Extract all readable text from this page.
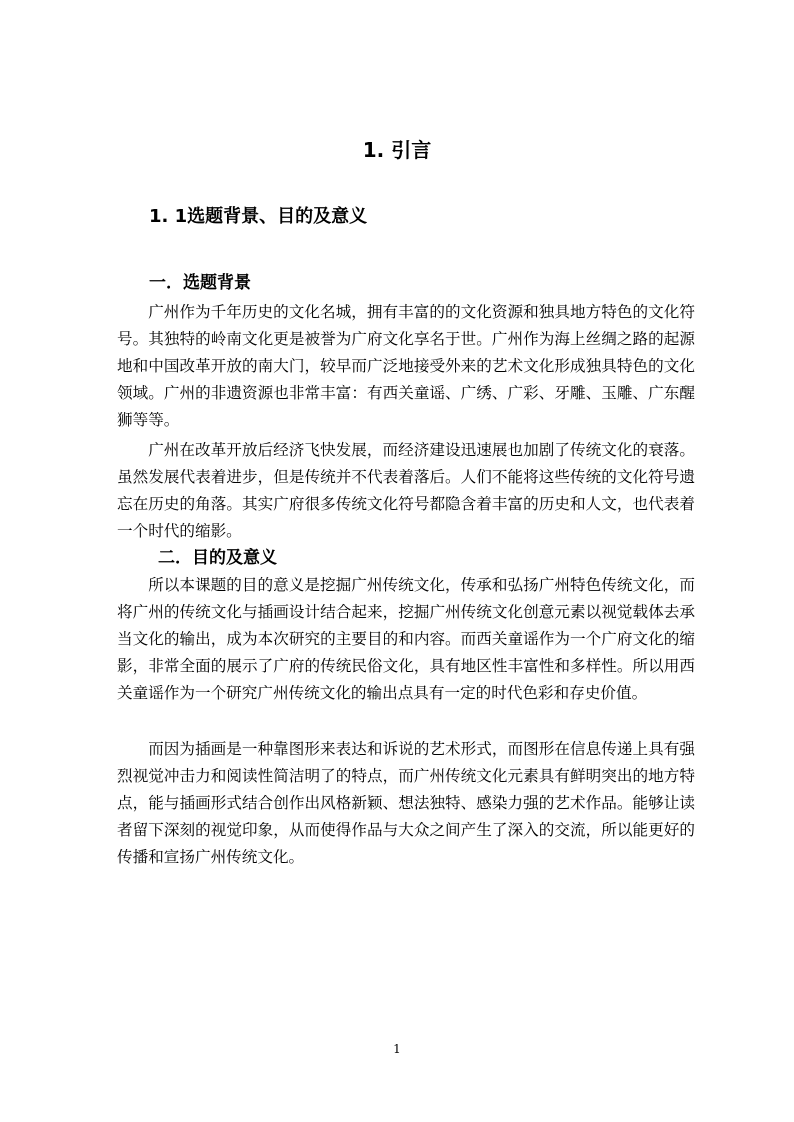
1. 引言
1. 1选题背景、目的及意义
一．选题背景

广州作为千年历史的文化名城，拥有丰富的的文化资源和独具地方特色的文化符号。其独特的岭南文化更是被誉为广府文化享名于世。广州作为海上丝绸之路的起源地和中国改革开放的南大门，较早而广泛地接受外来的艺术文化形成独具特色的文化领域。广州的非遗资源也非常丰富：有西关童谣、广绣、广彩、牙雕、玉雕、广东醒狮等等。

广州在改革开放后经济飞快发展，而经济建设迅速展也加剧了传统文化的衰落。虽然发展代表着进步，但是传统并不代表着落后。人们不能将这些传统的文化符号遗忘在历史的角落。其实广府很多传统文化符号都隐含着丰富的历史和人文，也代表着一个时代的缩影。

二．目的及意义

所以本课题的目的意义是挖掘广州传统文化，传承和弘扬广州特色传统文化，而将广州的传统文化与插画设计结合起来，挖掘广州传统文化创意元素以视觉载体去承当文化的输出，成为本次研究的主要目的和内容。而西关童谣作为一个广府文化的缩影，非常全面的展示了广府的传统民俗文化，具有地区性丰富性和多样性。所以用西关童谣作为一个研究广州传统文化的输出点具有一定的时代色彩和存史价值。

而因为插画是一种靠图形来表达和诉说的艺术形式，而图形在信息传递上具有强烈视觉冲击力和阅读性简洁明了的特点，而广州传统文化元素具有鲜明突出的地方特点，能与插画形式结合创作出风格新颖、想法独特、感染力强的艺术作品。能够让读者留下深刻的视觉印象，从而使得作品与大众之间产生了深入的交流，所以能更好的传播和宣扬广州传统文化。

1
